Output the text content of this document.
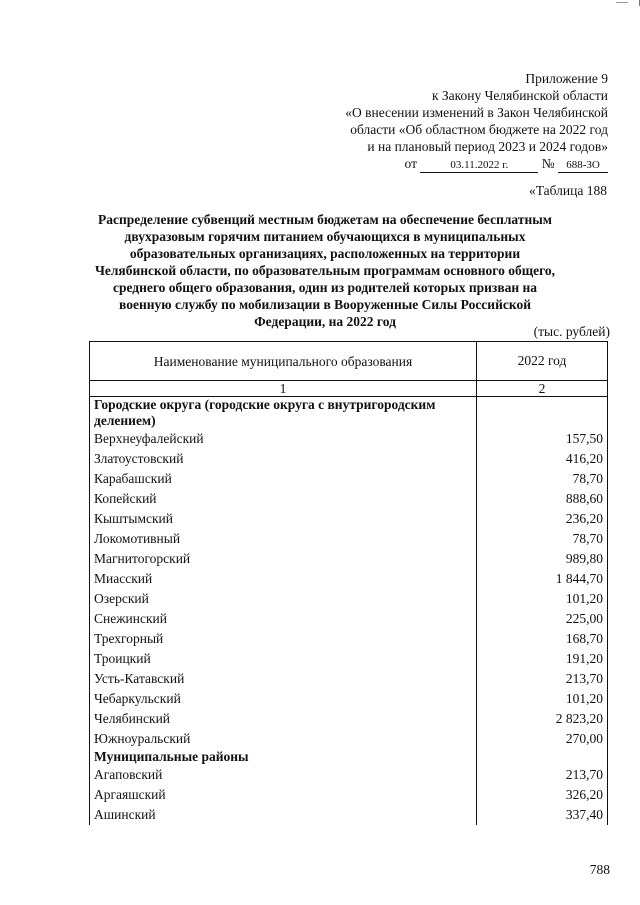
Приложение 9
к Закону Челябинской области
«О внесении изменений в Закон Челябинской
области «Об областном бюджете на 2022 год
и на плановый период 2023 и 2024 годов»
от	03.11.2022 г. № 688-ЗО
«Таблица 188
Распределение субвенций местным бюджетам на обеспечение бесплатным двухразовым горячим питанием обучающихся в муниципальных образовательных организациях, расположенных на территории Челябинской области, по образовательным программам основного общего, среднего общего образования, один из родителей которых призван на военную службу по мобилизации в Вооруженные Силы Российской Федерации, на 2022 год
(тыс. рублей)
Наименование муниципального образования	2022 год
1	2
Городские округа (городские округа с внутригородским делением)	
Верхнеуфалейский	157,50
Златоустовский	416,20
Карабашский	78,70
Копейский	888,60
Кыштымский	236,20
Локомотивный	78,70
Магнитогорский	989,80
Миасский	1 844,70
Озерский	101,20
Снежинский	225,00
Трехгорный	168,70
Троицкий	191,20
Усть-Катавский	213,70
Чебаркульский	101,20
Челябинский	2 823,20
Южноуральский	270,00
Муниципальные районы	
Агаповский	213,70
Аргаяшский	326,20
Ашинский	337,40
788
